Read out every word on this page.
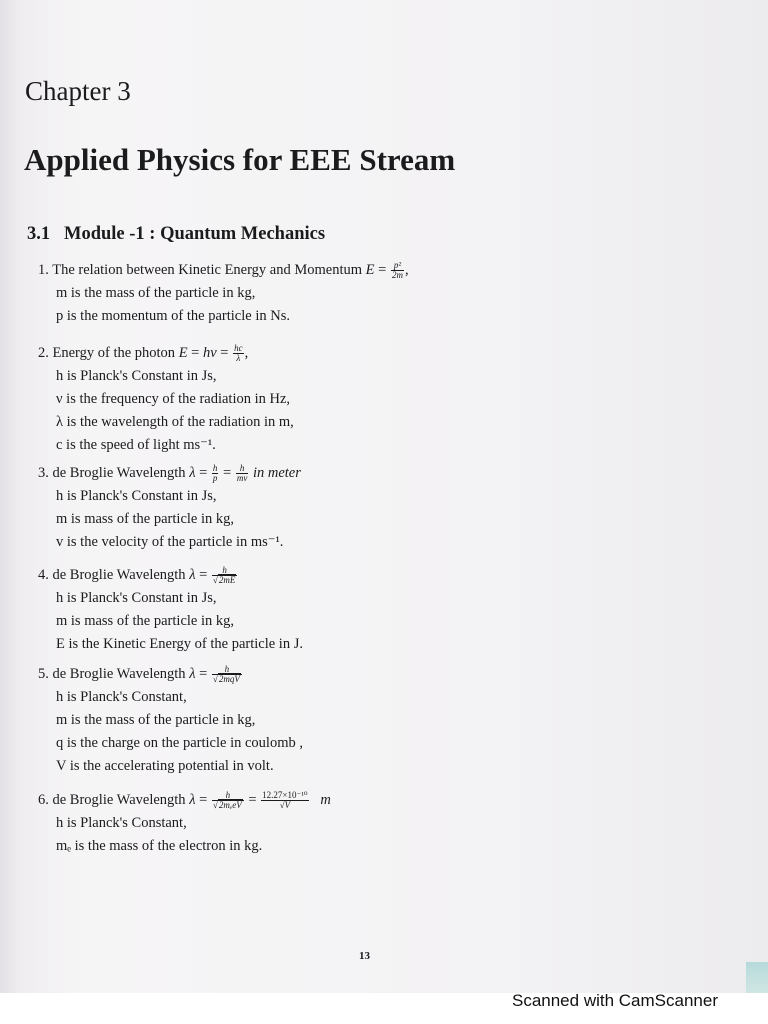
Chapter 3
Applied Physics for EEE Stream
3.1 Module -1 : Quantum Mechanics
1. The relation between Kinetic Energy and Momentum $E = \frac{\text{p²}}{2m}$ ,
m is the mass of the particle in kg,
p is the momentum of the particle in Ns.
2. Energy of the photon $E = h\nu = \frac{hc}{\lambda}$ ,
h is Planck's Constant in Js,
ν is the frequency of the radiation in Hz,
λ is the wavelength of the radiation in m,
c is the speed of light ms⁻¹.
3. de Broglie Wavelength $\lambda = \frac{h}{p} = \frac{h}{mv}$ in meter
h is Planck's Constant in Js,
m is mass of the particle in kg,
v is the velocity of the particle in ms⁻¹.
4. de Broglie Wavelength $\lambda = \frac{h}{√2mE}$
h is Planck's Constant in Js,
m is mass of the particle in kg,
E is the Kinetic Energy of the particle in J.
5. de Broglie Wavelength λ =	h
√2mqV
h is Planck's Constant,
m is the mass of the particle in kg,
q is the charge on the particle in coulomb ,
V is the accelerating potential in volt.
6. de Broglie Wavelength λ =	h
$√2m_eeV = \frac{\text{12.27×10⁻¹⁰}}{√V}$ m
h is Planck's Constant,
mₑ is the mass of the electron in kg.
13
Scanned with CamScanner
